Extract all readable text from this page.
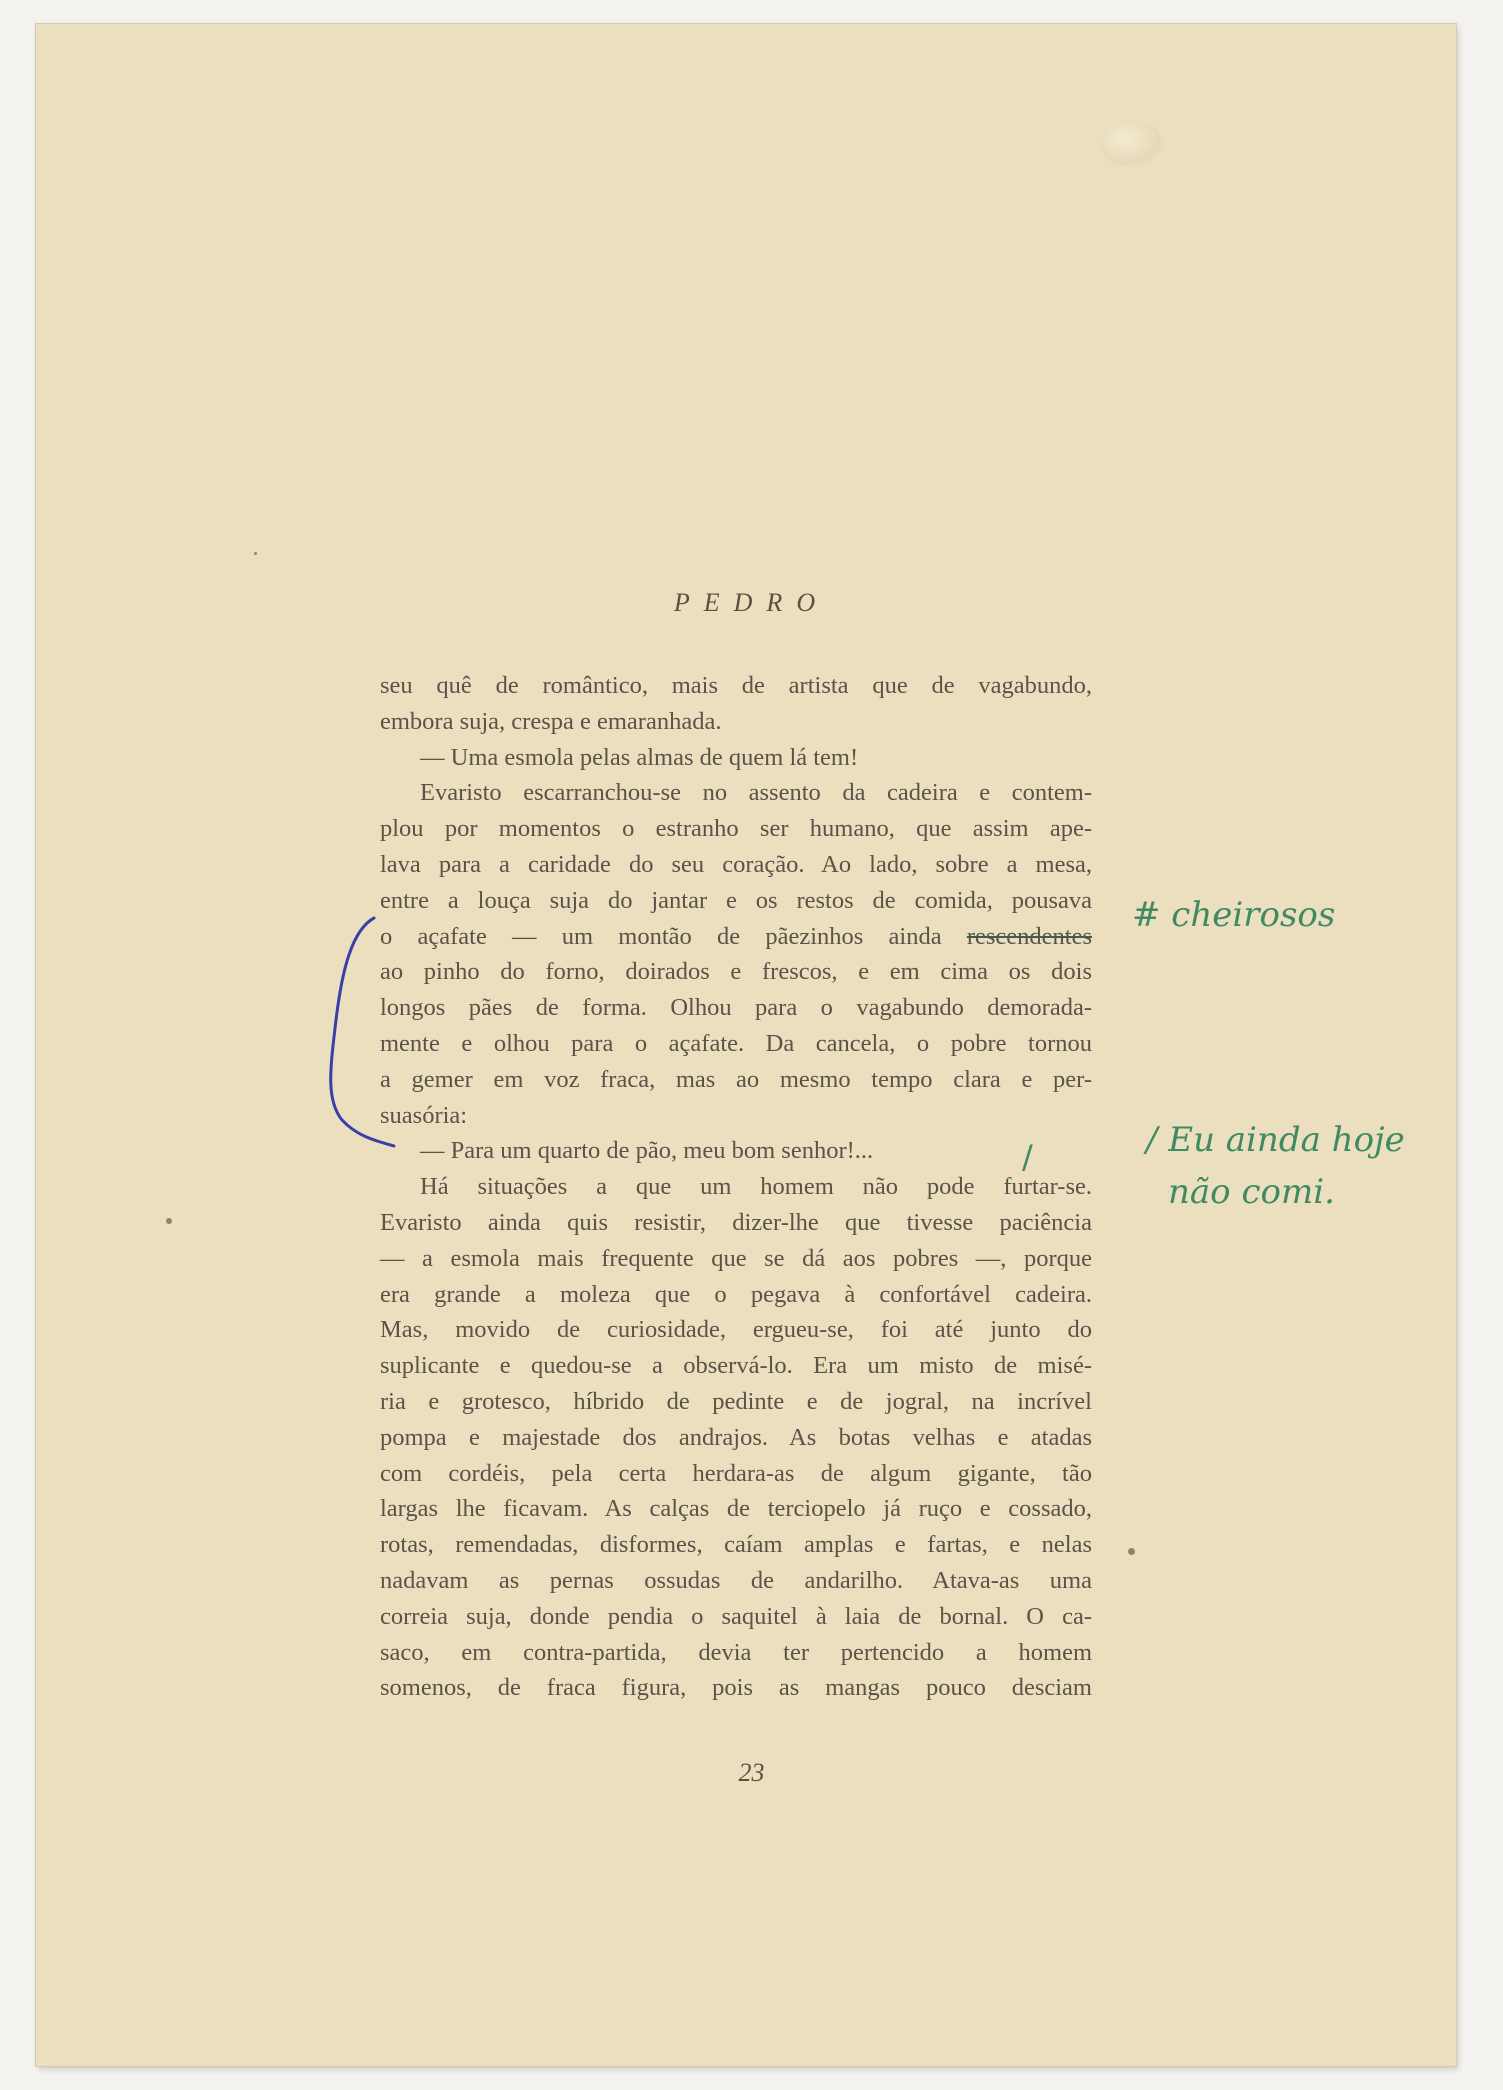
PEDRO
seu quê de romântico, mais de artista que de vagabundo,
embora suja, crespa e emaranhada.
— Uma esmola pelas almas de quem lá tem!
Evaristo escarranchou-se no assento da cadeira e contem-
plou por momentos o estranho ser humano, que assim ape-
lava para a caridade do seu coração. Ao lado, sobre a mesa,
entre a louça suja do jantar e os restos de comida, pousava
o açafate — um montão de pãezinhos ainda rescendentes
ao pinho do forno, doirados e frescos, e em cima os dois
longos pães de forma. Olhou para o vagabundo demorada-
mente e olhou para o açafate. Da cancela, o pobre tornou
a gemer em voz fraca, mas ao mesmo tempo clara e per-
suasória:
— Para um quarto de pão, meu bom senhor!...
Há situações a que um homem não pode furtar-se.
Evaristo ainda quis resistir, dizer-lhe que tivesse paciência
— a esmola mais frequente que se dá aos pobres —, porque
era grande a moleza que o pegava à confortável cadeira.
Mas, movido de curiosidade, ergueu-se, foi até junto do
suplicante e quedou-se a observá-lo. Era um misto de misé-
ria e grotesco, híbrido de pedinte e de jogral, na incrível
pompa e majestade dos andrajos. As botas velhas e atadas
com cordéis, pela certa herdara-as de algum gigante, tão
largas lhe ficavam. As calças de terciopelo já ruço e cossado,
rotas, remendadas, disformes, caíam amplas e fartas, e nelas
nadavam as pernas ossudas de andarilho. Atava-as uma
correia suja, donde pendia o saquitel à laia de bornal. O ca-
saco, em contra-partida, devia ter pertencido a homem
somenos, de fraca figura, pois as mangas pouco desciam
23
# cheirosos
/	/ Eu ainda hoje
não comi.
